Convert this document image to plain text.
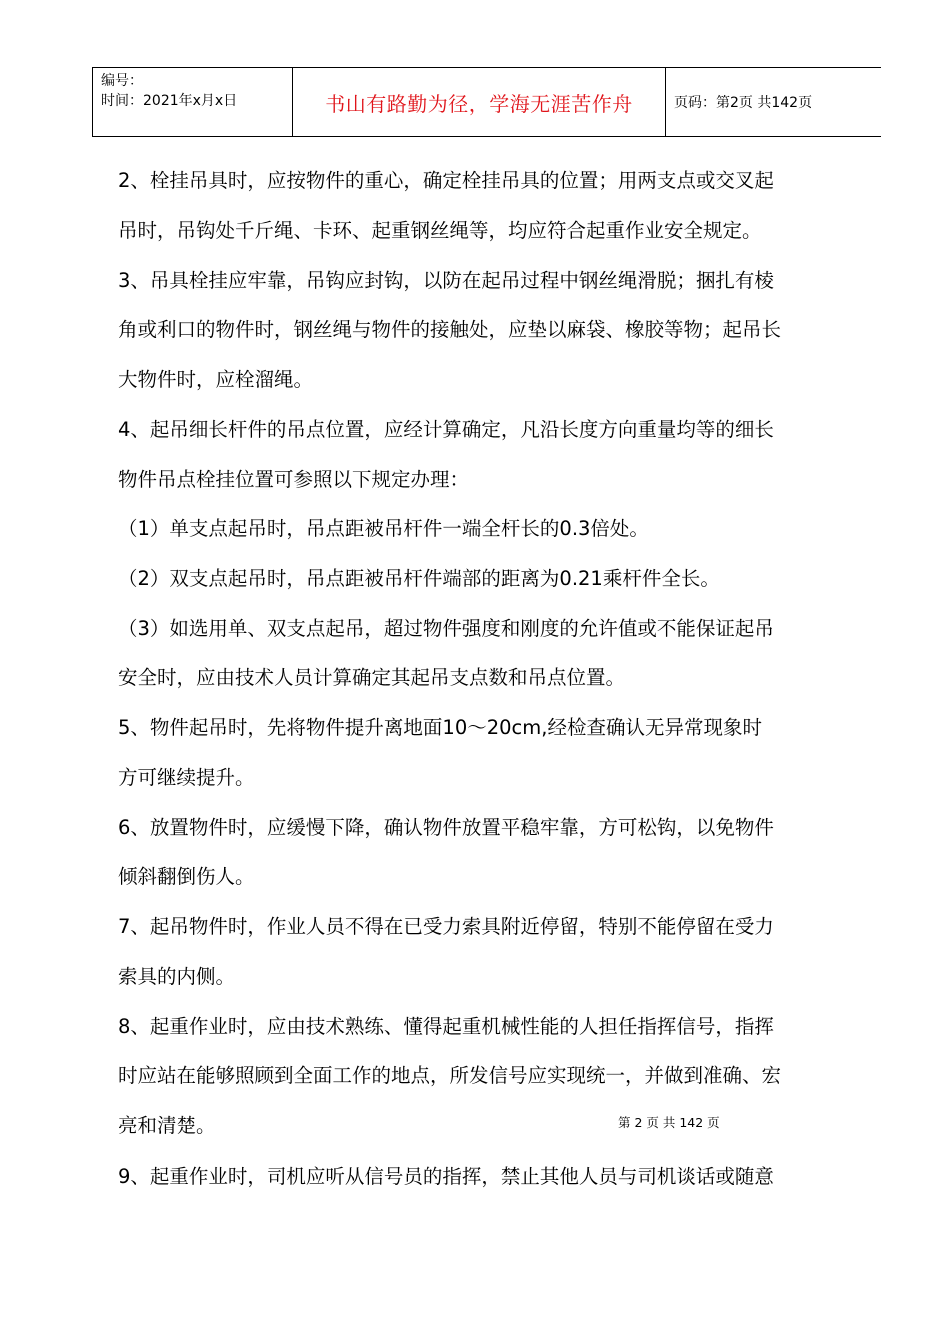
编号：
时间：2021年x月x日	书山有路勤为径，学海无涯苦作舟	页码：第2页 共142页
2、栓挂吊具时，应按物件的重心，确定栓挂吊具的位置；用两支点或交叉起
吊时，吊钩处千斤绳、卡环、起重钢丝绳等，均应符合起重作业安全规定。
3、吊具栓挂应牢靠，吊钩应封钩，以防在起吊过程中钢丝绳滑脱；捆扎有棱
角或利口的物件时，钢丝绳与物件的接触处，应垫以麻袋、橡胶等物；起吊长
大物件时，应栓溜绳。
4、起吊细长杆件的吊点位置，应经计算确定，凡沿长度方向重量均等的细长
物件吊点栓挂位置可参照以下规定办理：
（1）单支点起吊时，吊点距被吊杆件一端全杆长的0.3倍处。
（2）双支点起吊时，吊点距被吊杆件端部的距离为0.21乘杆件全长。
（3）如选用单、双支点起吊，超过物件强度和刚度的允许值或不能保证起吊
安全时，应由技术人员计算确定其起吊支点数和吊点位置。
5、物件起吊时，先将物件提升离地面10～20cm,经检查确认无异常现象时
方可继续提升。
6、放置物件时，应缓慢下降，确认物件放置平稳牢靠，方可松钩，以免物件
倾斜翻倒伤人。
7、起吊物件时，作业人员不得在已受力索具附近停留，特别不能停留在受力
索具的内侧。
8、起重作业时，应由技术熟练、懂得起重机械性能的人担任指挥信号，指挥
时应站在能够照顾到全面工作的地点，所发信号应实现统一，并做到准确、宏
亮和清楚。
9、起重作业时，司机应听从信号员的指挥，禁止其他人员与司机谈话或随意
第 2 页 共 142 页
